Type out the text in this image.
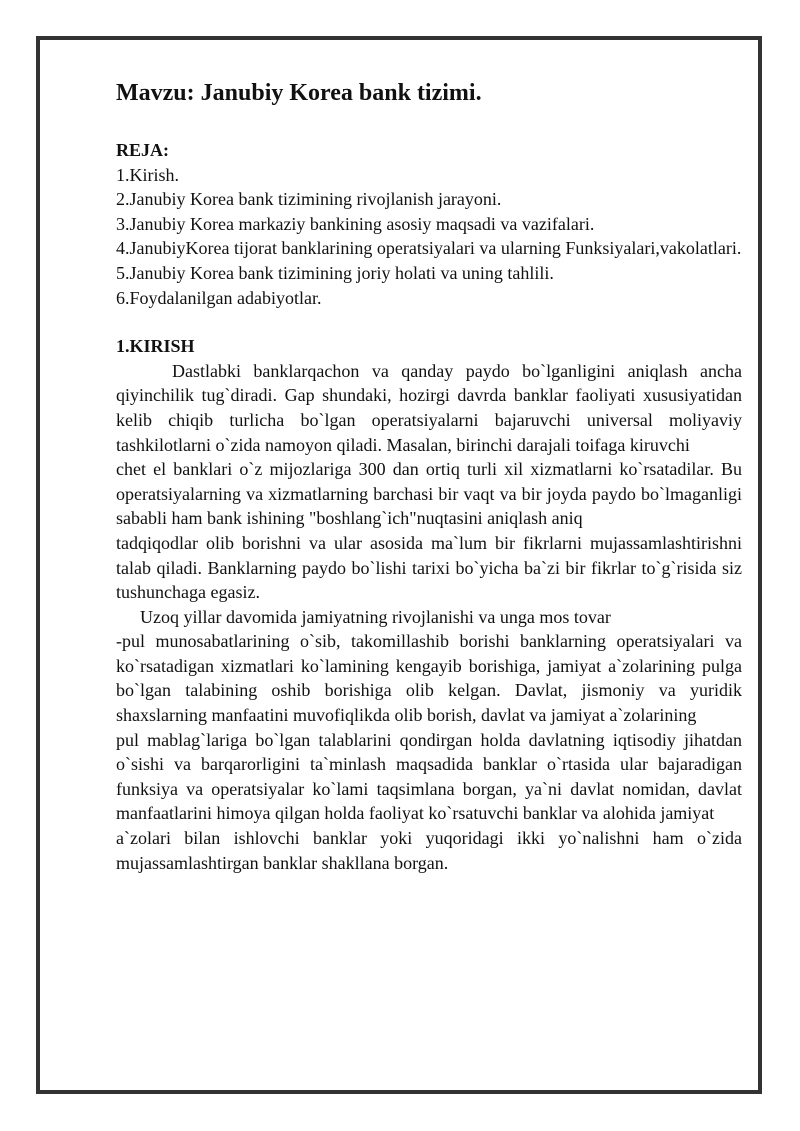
Mavzu: Janubiy Korea bank tizimi.

REJA:

1.Kirish.

2.Janubiy Korea bank tizimining rivojlanish jarayoni.

3.Janubiy Korea markaziy bankining asosiy maqsadi va vazifalari.

4.JanubiyKorea tijorat banklarining operatsiyalari va ularning Funksiyalari,vakolatlari.

5.Janubiy Korea bank tizimining joriy holati va uning tahlili.

6.Foydalanilgan adabiyotlar.

1.KIRISH

Dastlabki banklarqachon va qanday paydo bo`lganligini aniqlash ancha qiyinchilik tug`diradi. Gap shundaki, hozirgi davrda banklar faoliyati xususiyatidan kelib chiqib turlicha bo`lgan operatsiyalarni bajaruvchi universal moliyaviy tashkilotlarni o`zida namoyon qiladi. Masalan, birinchi darajali toifaga kiruvchi

chet el banklari o`z mijozlariga 300 dan ortiq turli xil xizmatlarni ko`rsatadilar. Bu operatsiyalarning va xizmatlarning barchasi bir vaqt va bir joyda paydo bo`lmaganligi sababli ham bank ishining "boshlang`ich"nuqtasini aniqlash aniq

tadqiqodlar olib borishni va ular asosida ma`lum bir fikrlarni mujassamlashtirishni talab qiladi. Banklarning paydo bo`lishi tarixi bo`yicha ba`zi bir fikrlar to`g`risida siz tushunchaga egasiz.

Uzoq yillar davomida jamiyatning rivojlanishi va unga mos tovar

-pul munosabatlarining o`sib, takomillashib borishi banklarning operatsiyalari va ko`rsatadigan xizmatlari ko`lamining kengayib borishiga, jamiyat a`zolarining pulga bo`lgan talabining oshib borishiga olib kelgan. Davlat, jismoniy va yuridik shaxslarning manfaatini muvofiqlikda olib borish, davlat va jamiyat a`zolarining

pul mablag`lariga bo`lgan talablarini qondirgan holda davlatning iqtisodiy jihatdan o`sishi va barqarorligini ta`minlash maqsadida banklar o`rtasida ular bajaradigan funksiya va operatsiyalar ko`lami taqsimlana borgan, ya`ni davlat nomidan, davlat manfaatlarini himoya qilgan holda faoliyat ko`rsatuvchi banklar va alohida jamiyat

a`zolari bilan ishlovchi banklar yoki yuqoridagi ikki yo`nalishni ham o`zida mujassamlashtirgan banklar shakllana borgan.
